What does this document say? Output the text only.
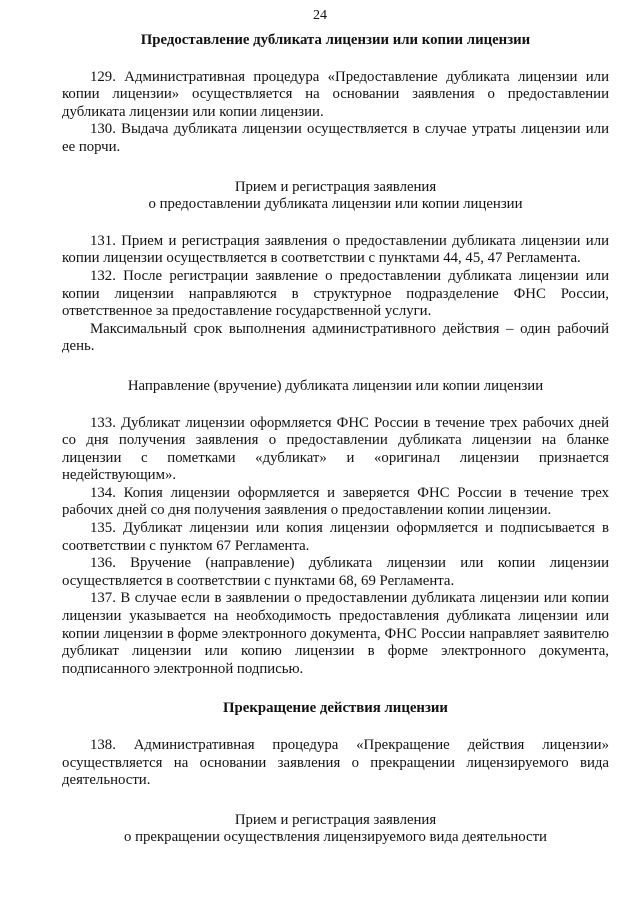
24
Предоставление дубликата лицензии или копии лицензии

129. Административная процедура «Предоставление дубликата лицензии или копии лицензии» осуществляется на основании заявления о предоставлении дубликата лицензии или копии лицензии.

130. Выдача дубликата лицензии осуществляется в случае утраты лицензии или ее порчи.

Прием и регистрация заявления
о предоставлении дубликата лицензии или копии лицензии

131. Прием и регистрация заявления о предоставлении дубликата лицензии или копии лицензии осуществляется в соответствии с пунктами 44, 45, 47 Регламента.

132. После регистрации заявление о предоставлении дубликата лицензии или копии лицензии направляются в структурное подразделение ФНС России, ответственное за предоставление государственной услуги.

Максимальный срок выполнения административного действия – один рабочий день.

Направление (вручение) дубликата лицензии или копии лицензии

133. Дубликат лицензии оформляется ФНС России в течение трех рабочих дней со дня получения заявления о предоставлении дубликата лицензии на бланке лицензии с пометками «дубликат» и «оригинал лицензии признается недействующим».

134. Копия лицензии оформляется и заверяется ФНС России в течение трех рабочих дней со дня получения заявления о предоставлении копии лицензии.

135. Дубликат лицензии или копия лицензии оформляется и подписывается в соответствии с пунктом 67 Регламента.

136. Вручение (направление) дубликата лицензии или копии лицензии осуществляется в соответствии с пунктами 68, 69 Регламента.

137. В случае если в заявлении о предоставлении дубликата лицензии или копии лицензии указывается на необходимость предоставления дубликата лицензии или копии лицензии в форме электронного документа, ФНС России направляет заявителю дубликат лицензии или копию лицензии в форме электронного документа, подписанного электронной подписью.

Прекращение действия лицензии

138. Административная процедура «Прекращение действия лицензии» осуществляется на основании заявления о прекращении лицензируемого вида деятельности.

Прием и регистрация заявления
о прекращении осуществления лицензируемого вида деятельности
